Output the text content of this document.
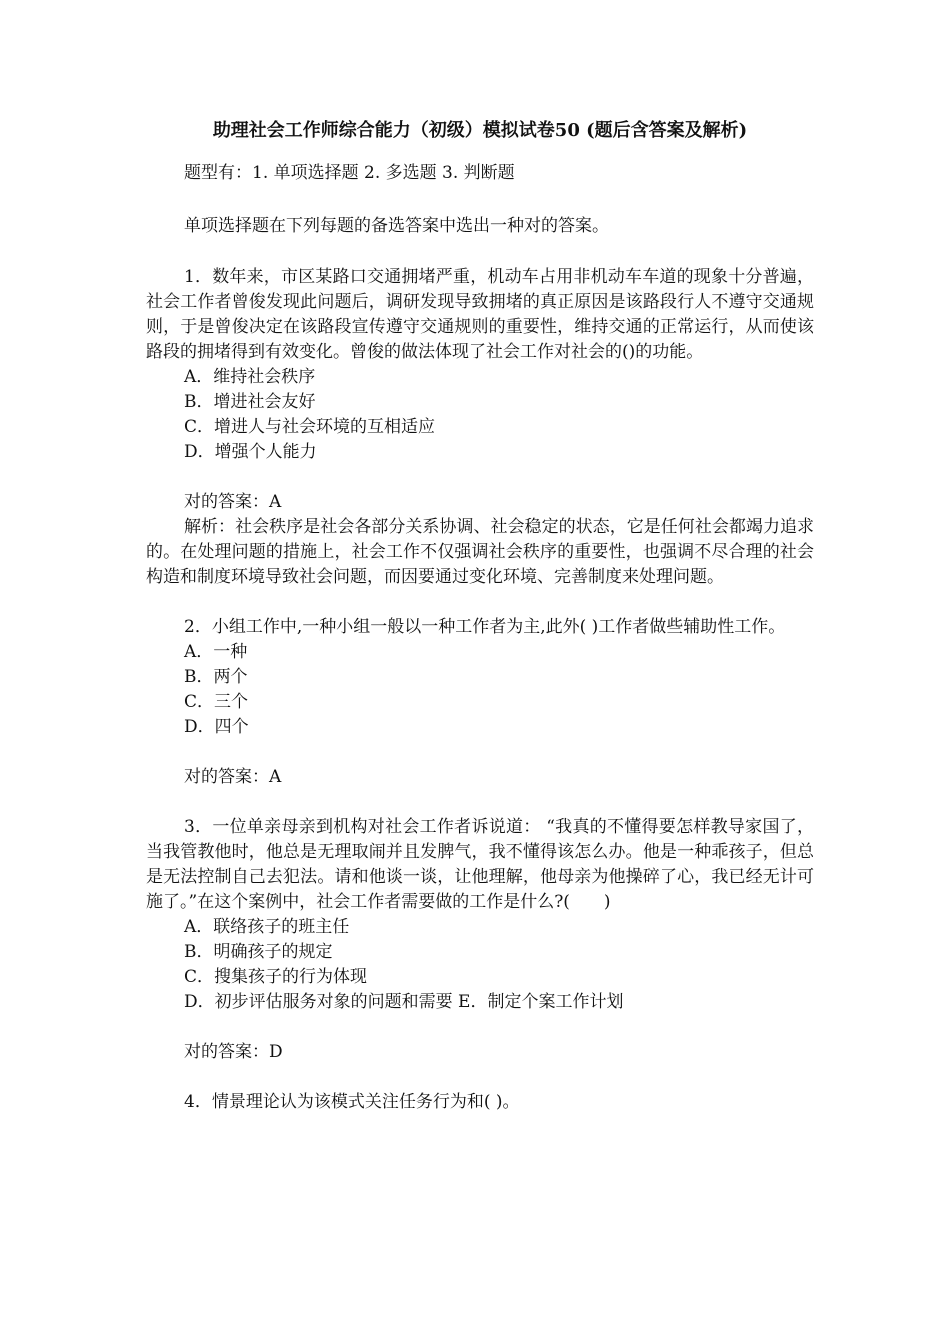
助理社会工作师综合能力（初级）模拟试卷50 (题后含答案及解析)
题型有：1. 单项选择题 2. 多选题 3. 判断题
单项选择题在下列每题的备选答案中选出一种对的答案。
1．数年来，市区某路口交通拥堵严重，机动车占用非机动车车道的现象十分普遍，社会工作者曾俊发现此问题后，调研发现导致拥堵的真正原因是该路段行人不遵守交通规则，于是曾俊决定在该路段宣传遵守交通规则的重要性，维持交通的正常运行，从而使该路段的拥堵得到有效变化。曾俊的做法体现了社会工作对社会的()的功能。
A．维持社会秩序
B．增进社会友好
C．增进人与社会环境的互相适应
D．增强个人能力
对的答案：A
解析：社会秩序是社会各部分关系协调、社会稳定的状态，它是任何社会都竭力追求的。在处理问题的措施上，社会工作不仅强调社会秩序的重要性，也强调不尽合理的社会构造和制度环境导致社会问题，而因要通过变化环境、完善制度来处理问题。
2．小组工作中,一种小组一般以一种工作者为主,此外( )工作者做些辅助性工作。
A．一种
B．两个
C．三个
D．四个
对的答案：A
3．一位单亲母亲到机构对社会工作者诉说道： “我真的不懂得要怎样教导家国了，当我管教他时，他总是无理取闹并且发脾气，我不懂得该怎么办。他是一种乖孩子，但总是无法控制自己去犯法。请和他谈一谈，让他理解，他母亲为他操碎了心，我已经无计可施了。”在这个案例中，社会工作者需要做的工作是什么?(　　)
A．联络孩子的班主任
B．明确孩子的规定
C．搜集孩子的行为体现
D．初步评估服务对象的问题和需要 E．制定个案工作计划
对的答案：D
4．情景理论认为该模式关注任务行为和( )。
